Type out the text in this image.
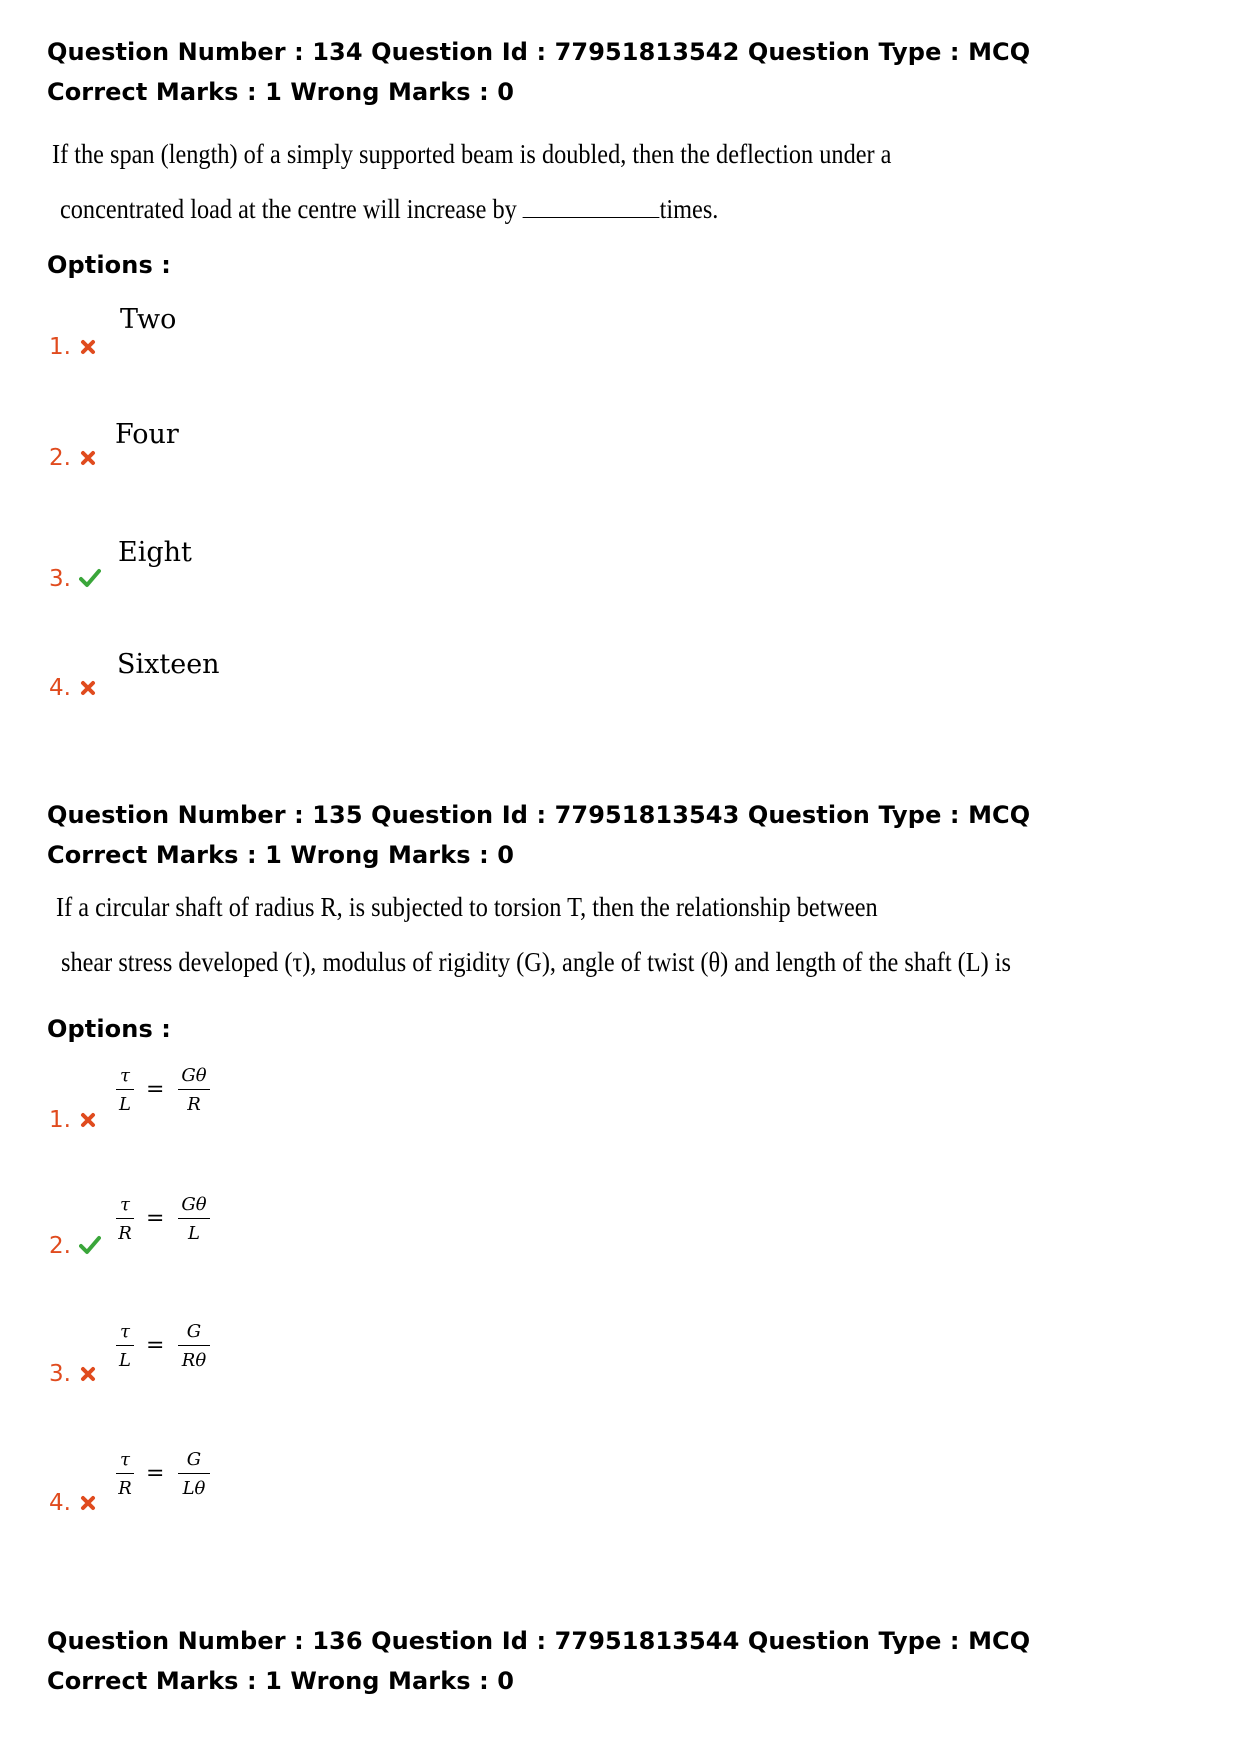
Question Number : 134 Question Id : 77951813542 Question Type : MCQ
Correct Marks : 1 Wrong Marks : 0
If the span (length) of a simply supported beam is doubled, then the deflection under a
concentrated load at the centre will increase by	times.
Options :
Two
1.
Four
2.
Eight
3.
Sixteen
4.
Question Number : 135 Question Id : 77951813543 Question Type : MCQ
Correct Marks : 1 Wrong Marks : 0
If a circular shaft of radius R, is subjected to torsion T, then the relationship between
shear stress developed (τ), modulus of rigidity (G), angle of twist (θ) and length of the shaft (L) is
Options :
τ
L
=
Gθ
R
1.
τ
R
=
Gθ
L
2.
τ
L
=
G
Rθ
3.
τ
R
=
G
Lθ
4.
Question Number : 136 Question Id : 77951813544 Question Type : MCQ
Correct Marks : 1 Wrong Marks : 0
